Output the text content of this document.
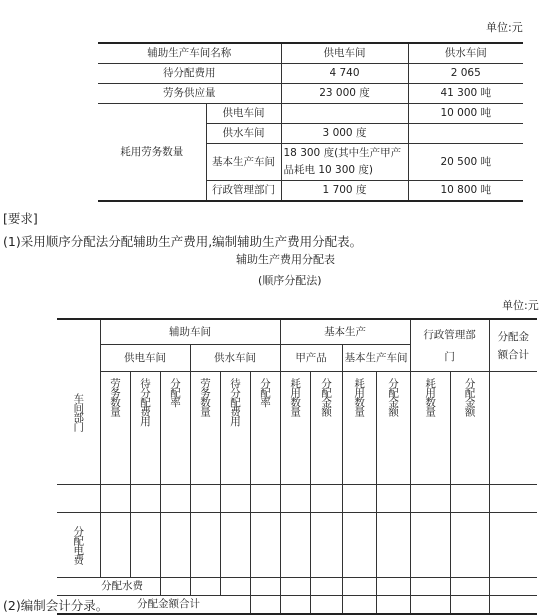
单位:元
辅助生产车间名称		供电车间	供水车间
待分配费用		4 740	2 065
劳务供应量		23 000 度	41 300 吨
耗用劳务数量	供电车间		10 000 吨
	供水车间	3 000 度	
	基本生产车间	18 300 度(其中生产甲产品耗电 10 300 度)	20 500 吨
	行政管理部门	1 700 度	10 800 吨
[要求]
(1)采用顺序分配法分配辅助生产费用,编制辅助生产费用分配表。
辅助生产费用分配表
(顺序分配法)
单位:元
车间部门	辅助车间						基本生产				行政管理部门		分配金额合计
	供电车间			供水车间			甲产品		基本生产车间				

	劳务数量	待分配费用	分配率	劳务数量	待分配费用	分配率	耗用数量	分配金额	耗用数量	分配金额	耗用数量	分配金额	

分配电费													

分配水费													
分配金额合计													
(2)编制会计分录。
